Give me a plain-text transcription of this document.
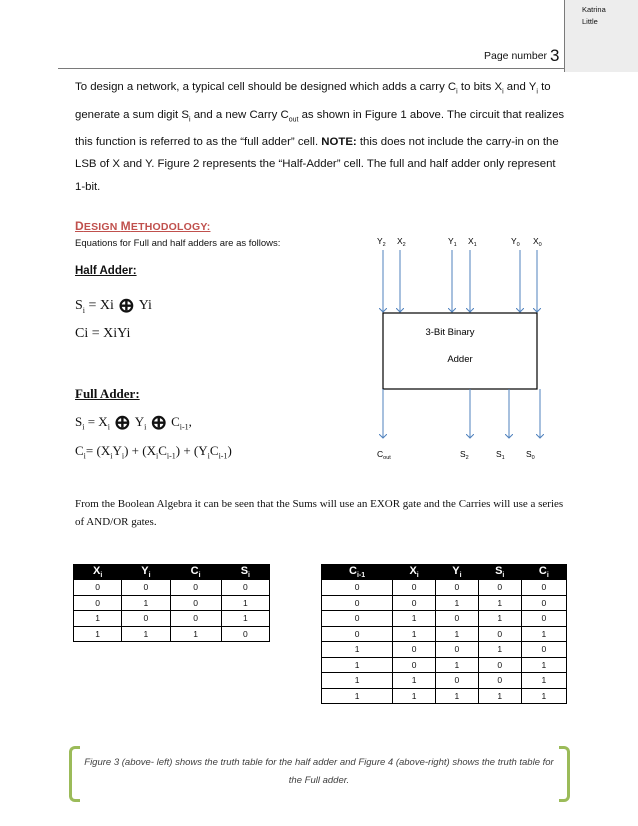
Katrina
Little
Page number 3
To design a network, a typical cell should be designed which adds a carry $C_i$ to bits $X_i$ and $Y_i$ to generate a sum digit $S_i$ and a new Carry $C_{out}$ as shown in Figure 1 above. The circuit that realizes this function is referred to as the “full adder” cell. NOTE: this does not include the carry-in on the LSB of X and Y. Figure 2 represents the “Half-Adder” cell. The full and half adder only represent 1-bit.
DESIGN METHODOLOGY:
Equations for Full and half adders are as follows:
Half Adder:
$S_i = Xi$ ⊕ Yi
Ci = XiYi
Full Adder:
$S_i = X_i$ ⊕ $Y_i$ ⊕ $C_{i-1}$,
$C_i= (X_iY_i) + (X_iC_{i-1}) + (Y_iC_{i-1})$
$Y_2$ $X_2$	$Y_1$ $X_1$	$Y_0$ $X_0$
3-Bit Binary
Adder
$C_{out}$	$S_2$	$S_1$	$S_0$
From the Boolean Algebra it can be seen that the Sums will use an EXOR gate and the Carries will use a series of AND/OR gates.
$X_i$	$Y_i$	$C_i$	$S_i$
0	0	0	0
0	1	0	1
1	0	0	1
1	1	1	0
$C_{i-1}$	$X_i$	$Y_i$	$S_i$	$C_i$
0	0	0	0	0
0	0	1	1	0
0	1	0	1	0
0	1	1	0	1
1	0	0	1	0
1	0	1	0	1
1	1	0	0	1
1	1	1	1	1
Figure 3 (above- left) shows the truth table for the half adder and Figure 4 (above-right) shows the truth table for the Full adder.
